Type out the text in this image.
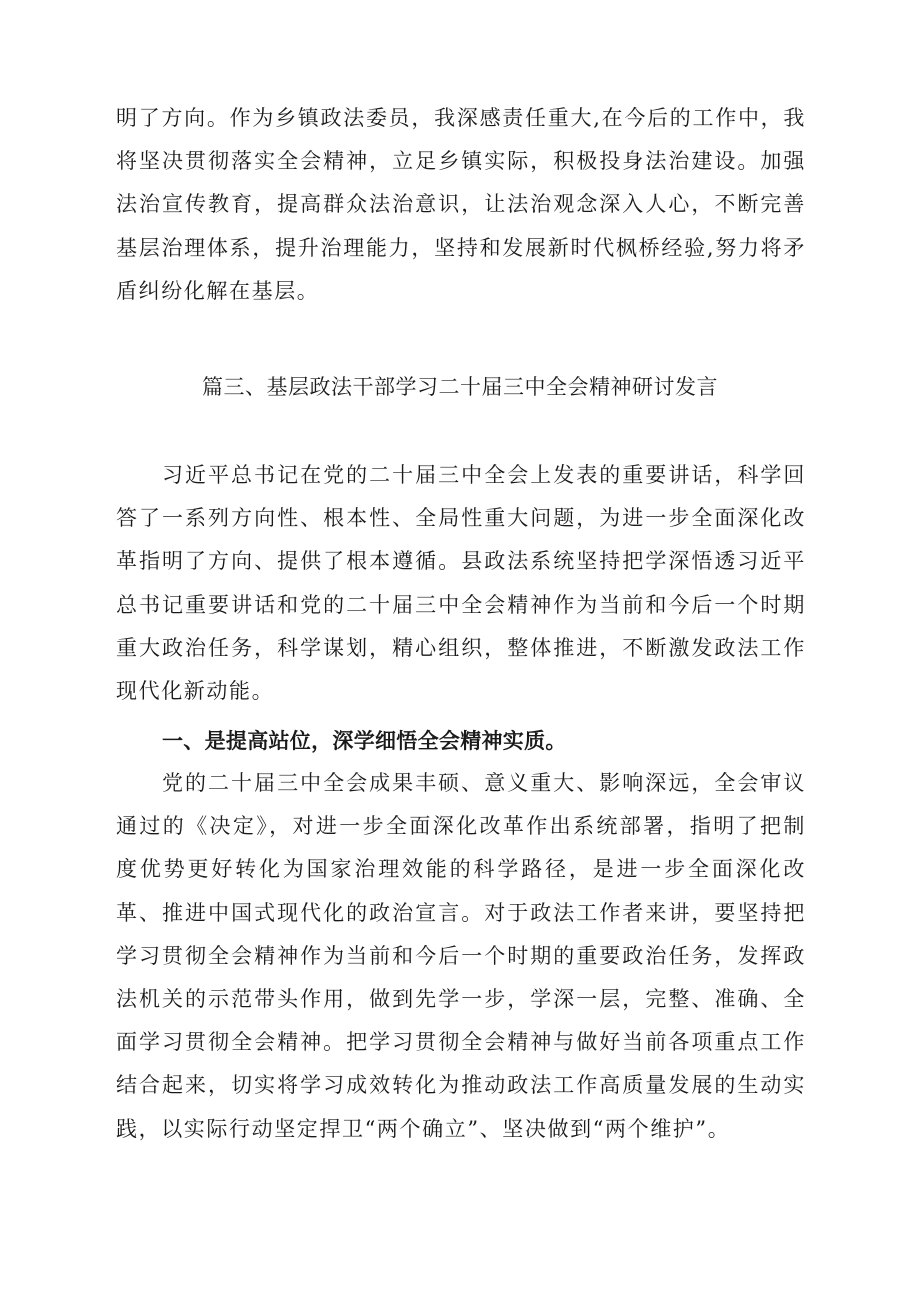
明了方向。作为乡镇政法委员，我深感责任重大,在今后的工作中，我将坚决贯彻落实全会精神，立足乡镇实际，积极投身法治建设。加强法治宣传教育，提高群众法治意识，让法治观念深入人心，不断完善基层治理体系，提升治理能力，坚持和发展新时代枫桥经验,努力将矛盾纠纷化解在基层。

篇三、基层政法干部学习二十届三中全会精神研讨发言

习近平总书记在党的二十届三中全会上发表的重要讲话，科学回答了一系列方向性、根本性、全局性重大问题，为进一步全面深化改革指明了方向、提供了根本遵循。县政法系统坚持把学深悟透习近平总书记重要讲话和党的二十届三中全会精神作为当前和今后一个时期重大政治任务，科学谋划，精心组织，整体推进，不断激发政法工作现代化新动能。

一、是提高站位，深学细悟全会精神实质。

党的二十届三中全会成果丰硕、意义重大、影响深远，全会审议通过的《决定》，对进一步全面深化改革作出系统部署，指明了把制度优势更好转化为国家治理效能的科学路径，是进一步全面深化改革、推进中国式现代化的政治宣言。对于政法工作者来讲，要坚持把学习贯彻全会精神作为当前和今后一个时期的重要政治任务，发挥政法机关的示范带头作用，做到先学一步，学深一层，完整、准确、全面学习贯彻全会精神。把学习贯彻全会精神与做好当前各项重点工作结合起来，切实将学习成效转化为推动政法工作高质量发展的生动实践，以实际行动坚定捍卫“两个确立”、坚决做到“两个维护”。
